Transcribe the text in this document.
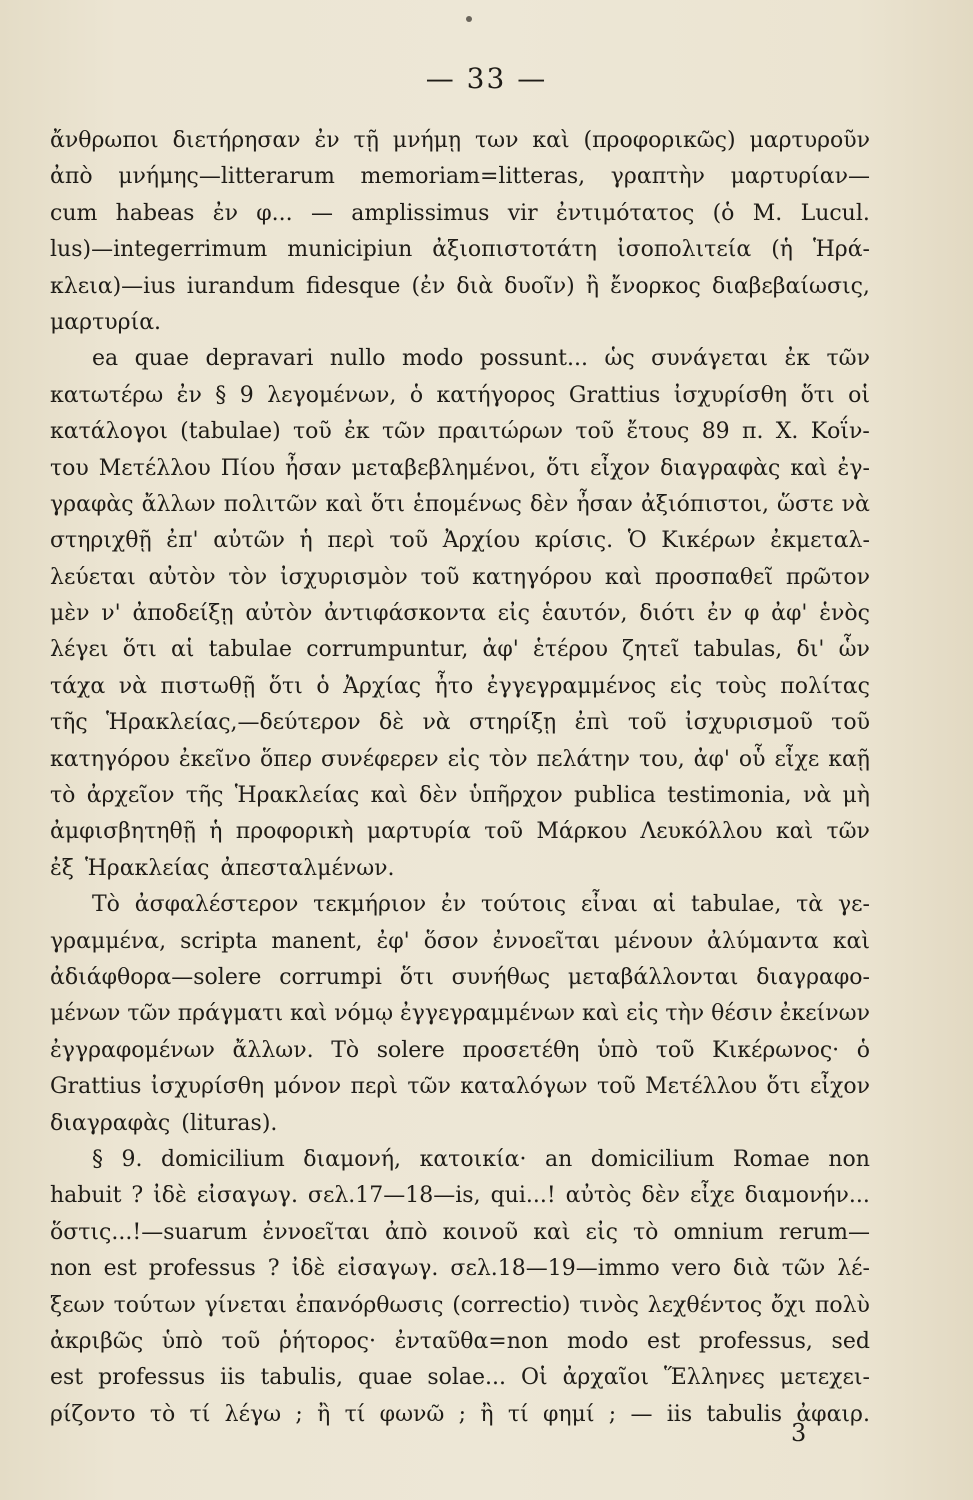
— 33 —
ἄνθρωποι διετήρησαν ἐν τῇ μνήμῃ των καὶ (προφορικῶς) μαρτυροῦν
ἀπὸ μνήμης—litterarum memoriam=litteras, γραπτὴν μαρτυρίαν—
cum habeas ἐν φ... — amplissimus vir ἐντιμότατος (ὁ Μ. Lucul.
lus)—integerrimum municipiun ἀξιοπιστοτάτη ἰσοπολιτεία (ἡ Ἡρά-
κλεια)—ius iurandum fidesque (ἐν διὰ δυοῖν) ἢ ἔνορκος διαβεβαίωσις,
μαρτυρία.
ea quae depravari nullo modo possunt... ὡς συνάγεται ἐκ τῶν
κατωτέρω ἐν § 9 λεγομένων, ὁ κατήγορος Grattius ἰσχυρίσθη ὅτι οἱ
κατάλογοι (tabulae) τοῦ ἐκ τῶν πραιτώρων τοῦ ἔτους 89 π. Χ. Κοΐν-
του Μετέλλου Πίου ἦσαν μεταβεβλημένοι, ὅτι εἶχον διαγραφὰς καὶ ἐγ-
γραφὰς ἄλλων πολιτῶν καὶ ὅτι ἑπομένως δὲν ἦσαν ἀξιόπιστοι, ὥστε νὰ
στηριχθῇ ἐπ' αὐτῶν ἡ περὶ τοῦ Ἀρχίου κρίσις. Ὁ Κικέρων ἐκμεταλ-
λεύεται αὐτὸν τὸν ἰσχυρισμὸν τοῦ κατηγόρου καὶ προσπαθεῖ πρῶτον
μὲν ν' ἀποδείξῃ αὐτὸν ἀντιφάσκοντα εἰς ἑαυτόν, διότι ἐν φ ἀφ' ἑνὸς
λέγει ὅτι αἱ tabulae corrumpuntur, ἀφ' ἑτέρου ζητεῖ tabulas, δι' ὧν
τάχα νὰ πιστωθῇ ὅτι ὁ Ἀρχίας ἦτο ἐγγεγραμμένος εἰς τοὺς πολίτας
τῆς Ἡρακλείας,—δεύτερον δὲ νὰ στηρίξῃ ἐπὶ τοῦ ἰσχυρισμοῦ τοῦ
κατηγόρου ἐκεῖνο ὅπερ συνέφερεν εἰς τὸν πελάτην του, ἀφ' οὗ εἶχε καῇ
τὸ ἀρχεῖον τῆς Ἡρακλείας καὶ δὲν ὑπῆρχον publica testimonia, νὰ μὴ
ἀμφισβητηθῇ ἡ προφορικὴ μαρτυρία τοῦ Μάρκου Λευκόλλου καὶ τῶν
ἐξ Ἡρακλείας ἀπεσταλμένων.
Τὸ ἀσφαλέστερον τεκμήριον ἐν τούτοις εἶναι αἱ tabulae, τὰ γε-
γραμμένα, scripta manent, ἐφ' ὅσον ἐννοεῖται μένουν ἀλύμαντα καὶ
ἀδιάφθορα—solere corrumpi ὅτι συνήθως μεταβάλλονται διαγραφο-
μένων τῶν πράγματι καὶ νόμῳ ἐγγεγραμμένων καὶ εἰς τὴν θέσιν ἐκείνων
ἐγγραφομένων ἄλλων. Τὸ solere προσετέθη ὑπὸ τοῦ Κικέρωνος· ὁ
Grattius ἰσχυρίσθη μόνον περὶ τῶν καταλόγων τοῦ Μετέλλου ὅτι εἶχον
διαγραφὰς (lituras).
§ 9. domicilium διαμονή, κατοικία· an domicilium Romae non
habuit ? ἰδὲ εἰσαγωγ. σελ.17—18—is, qui...! αὐτὸς δὲν εἶχε διαμονήν...
ὅστις...!—suarum ἐννοεῖται ἀπὸ κοινοῦ καὶ εἰς τὸ omnium rerum—
non est professus ? ἰδὲ εἰσαγωγ. σελ.18—19—immo vero διὰ τῶν λέ-
ξεων τούτων γίνεται ἐπανόρθωσις (correctio) τινὸς λεχθέντος ὄχι πολὺ
ἀκριβῶς ὑπὸ τοῦ ῥήτορος· ἐνταῦθα=non modo est professus, sed
est professus iis tabulis, quae solae... Οἱ ἀρχαῖοι Ἕλληνες μετεχει-
ρίζοντο τὸ τί λέγω ; ἢ τί φωνῶ ; ἢ τί φημί ; — iis tabulis ἀφαιρ.
3
